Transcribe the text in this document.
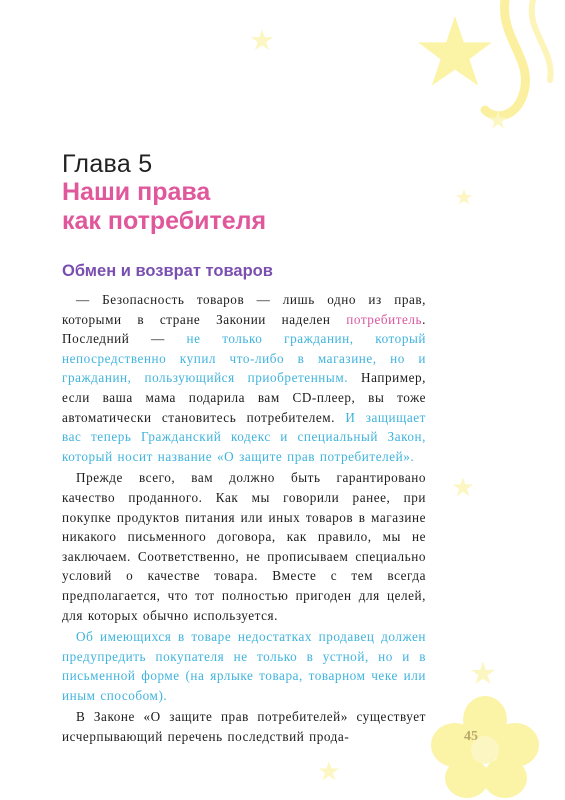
Глава 5
Наши права
как потребителя
Обмен и возврат товаров

— Безопасность товаров — лишь одно из прав, которыми в стране Законии наделен потребитель. Последний — не только гражданин, который непосредственно купил что-либо в магазине, но и гражданин, пользующийся приобретенным. Например, если ваша мама подарила вам CD-плеер, вы тоже автоматически становитесь потребителем. И защищает вас теперь Гражданский кодекс и специальный Закон, который носит название «О защите прав потребителей».

Прежде всего, вам должно быть гарантировано качество проданного. Как мы говорили ранее, при покупке продуктов питания или иных товаров в магазине никакого письменного договора, как правило, мы не заключаем. Соответственно, не прописываем специально условий о качестве товара. Вместе с тем всегда предполагается, что тот полностью пригоден для целей, для которых обычно используется.

Об имеющихся в товаре недостатках продавец должен предупредить покупателя не только в устной, но и в письменной форме (на ярлыке товара, товарном чеке или иным способом).

В Законе «О защите прав потребителей» существует исчерпывающий перечень последствий прода-	45
